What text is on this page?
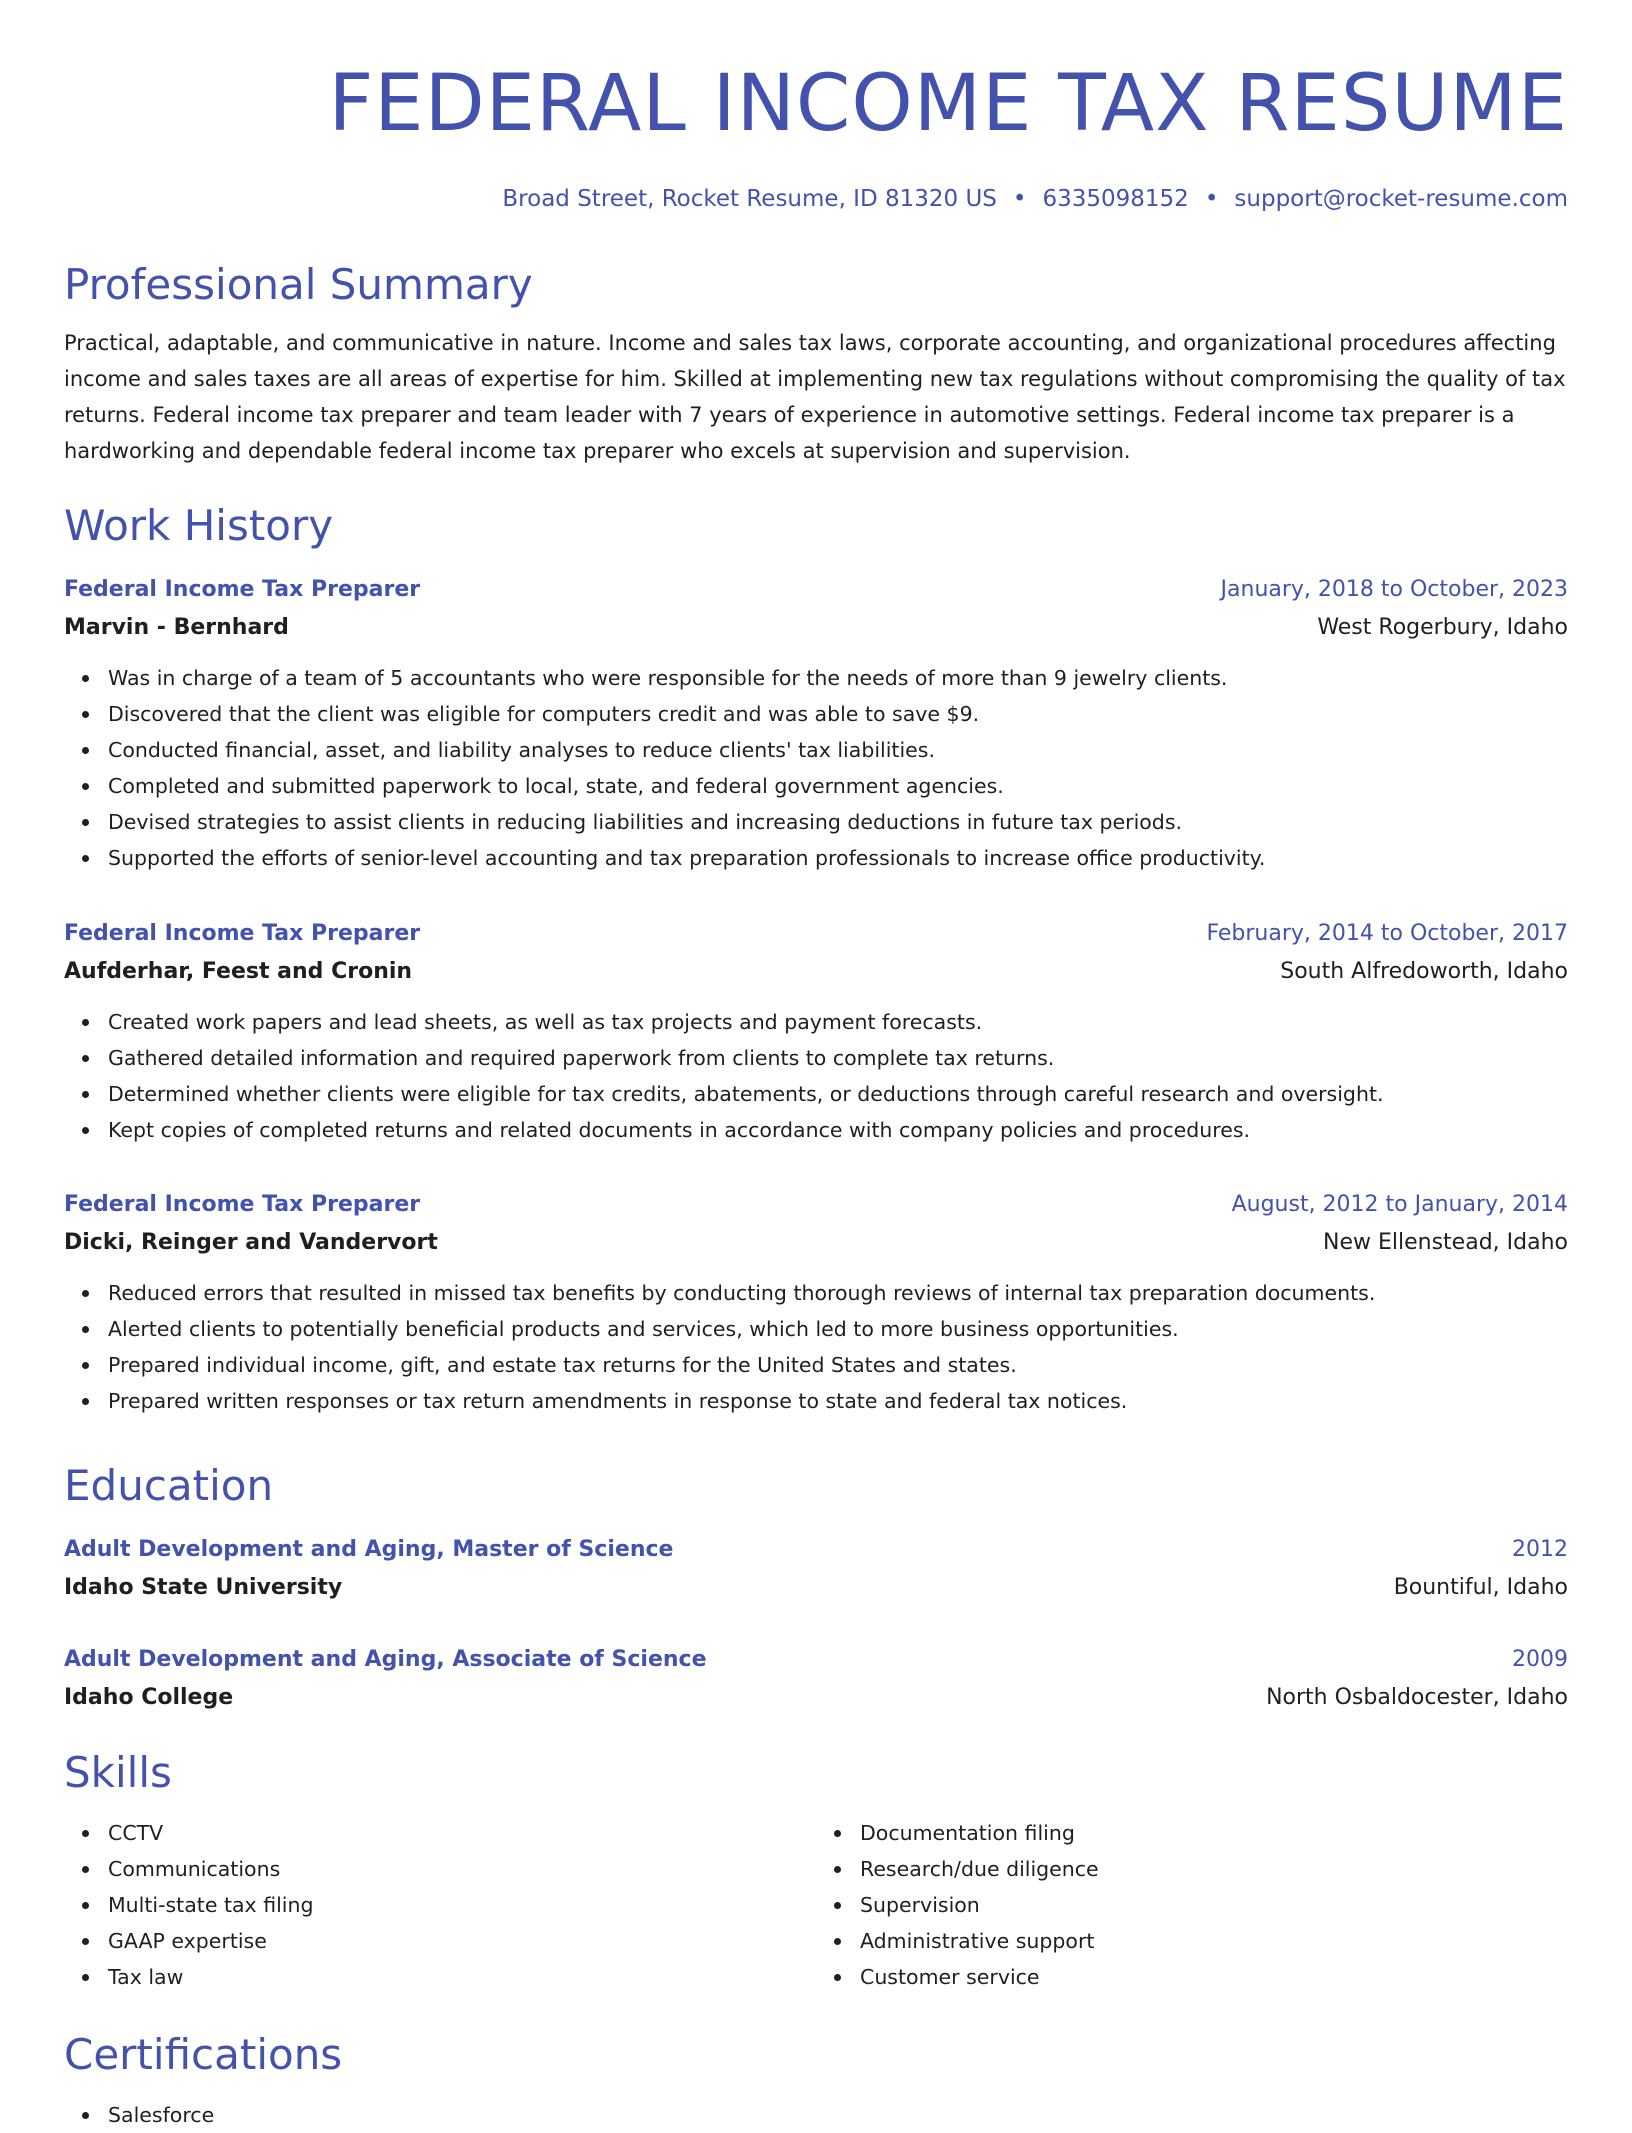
FEDERAL INCOME TAX RESUME
Broad Street, Rocket Resume, ID 81320 US • 6335098152 • support@rocket-resume.com
Professional Summary

Practical, adaptable, and communicative in nature. Income and sales tax laws, corporate accounting, and organizational procedures affecting income and sales taxes are all areas of expertise for him. Skilled at implementing new tax regulations without compromising the quality of tax returns. Federal income tax preparer and team leader with 7 years of experience in automotive settings. Federal income tax preparer is a hardworking and dependable federal income tax preparer who excels at supervision and supervision.

Work History
Federal Income Tax Preparer	January, 2018 to October, 2023
Marvin - Bernhard	West Rogerbury, Idaho
Was in charge of a team of 5 accountants who were responsible for the needs of more than 9 jewelry clients.
Discovered that the client was eligible for computers credit and was able to save $9.
Conducted financial, asset, and liability analyses to reduce clients' tax liabilities.
Completed and submitted paperwork to local, state, and federal government agencies.
Devised strategies to assist clients in reducing liabilities and increasing deductions in future tax periods.
Supported the efforts of senior-level accounting and tax preparation professionals to increase office productivity.
Federal Income Tax Preparer	February, 2014 to October, 2017
Aufderhar, Feest and Cronin	South Alfredoworth, Idaho
Created work papers and lead sheets, as well as tax projects and payment forecasts.
Gathered detailed information and required paperwork from clients to complete tax returns.
Determined whether clients were eligible for tax credits, abatements, or deductions through careful research and oversight.
Kept copies of completed returns and related documents in accordance with company policies and procedures.
Federal Income Tax Preparer	August, 2012 to January, 2014
Dicki, Reinger and Vandervort	New Ellenstead, Idaho
Reduced errors that resulted in missed tax benefits by conducting thorough reviews of internal tax preparation documents.
Alerted clients to potentially beneficial products and services, which led to more business opportunities.
Prepared individual income, gift, and estate tax returns for the United States and states.
Prepared written responses or tax return amendments in response to state and federal tax notices.
Education
Adult Development and Aging, Master of Science	2012
Idaho State University	Bountiful, Idaho
Adult Development and Aging, Associate of Science	2009
Idaho College	North Osbaldocester, Idaho
Skills
CCTV
Communications
Multi-state tax filing
GAAP expertise
Tax law
Documentation filing
Research/due diligence
Supervision
Administrative support
Customer service
Certifications
Salesforce
